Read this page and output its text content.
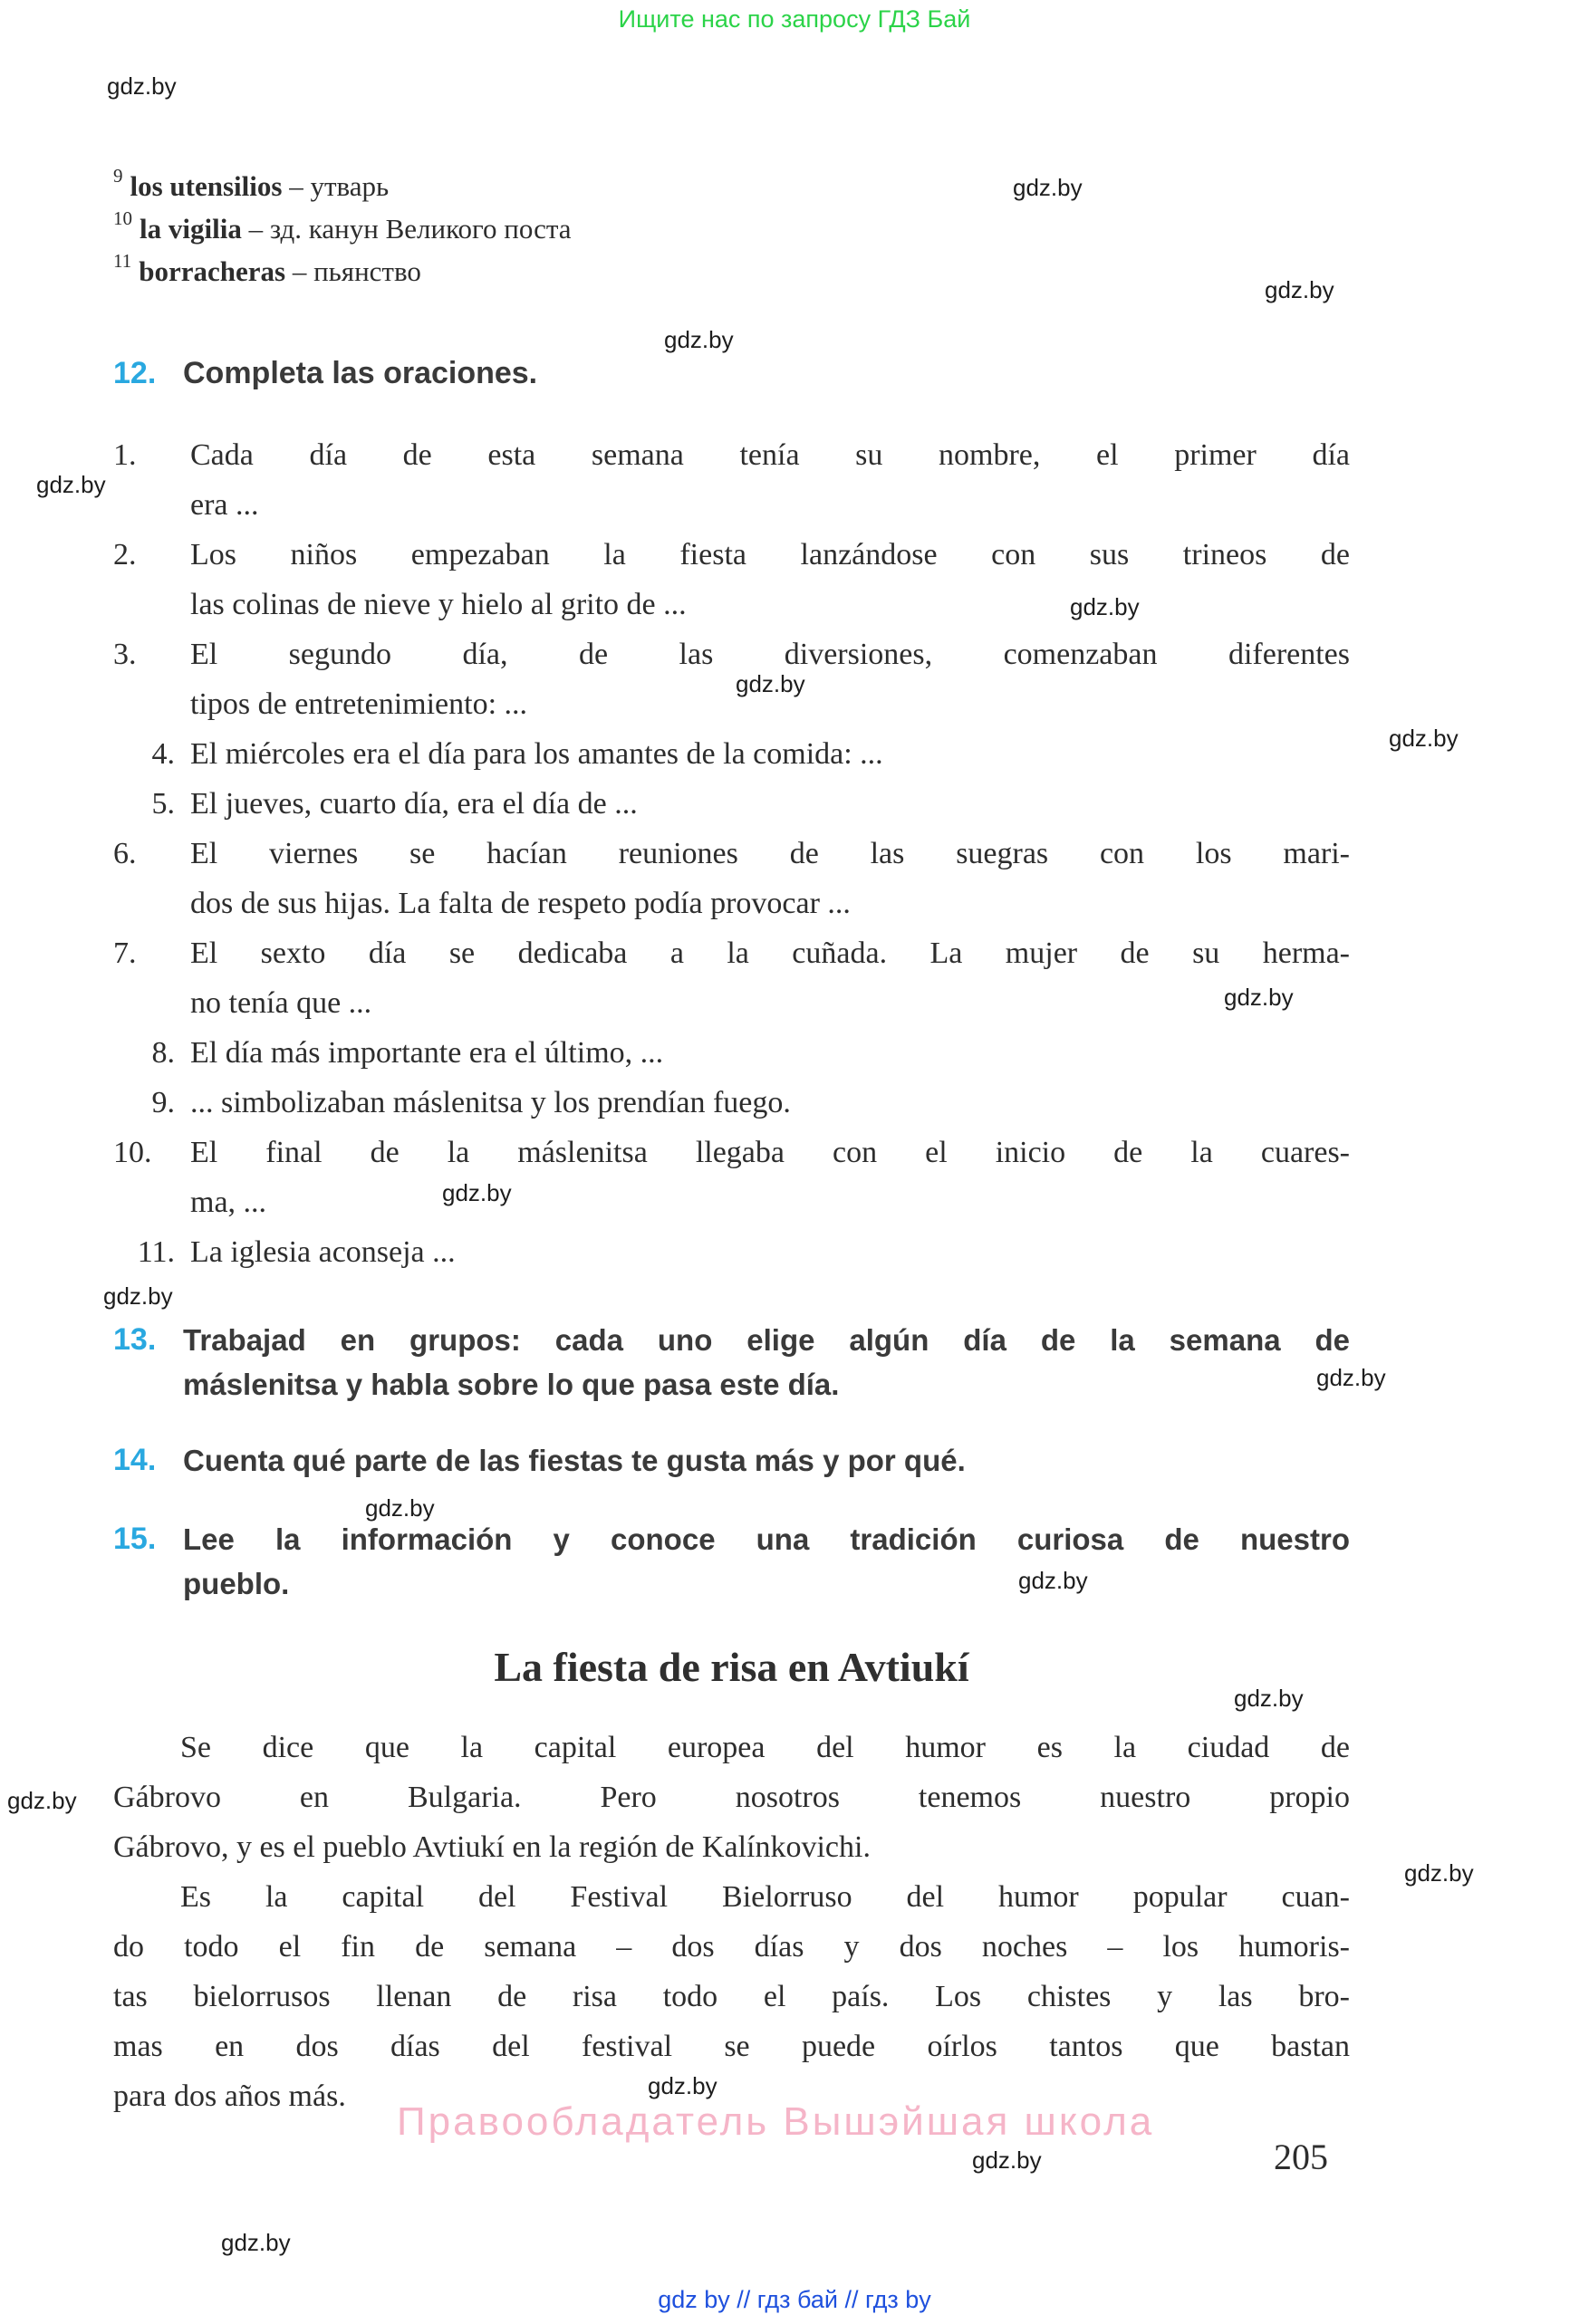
Ищите нас по запросу ГДЗ Бай
gdz.by
gdz.by
gdz.by
gdz.by
gdz.by
gdz.by
gdz.by
gdz.by
gdz.by
gdz.by
gdz.by
gdz.by
gdz.by
gdz.by
gdz.by
gdz.by
gdz.by
gdz.by
gdz.by
gdz.by
$^9$ los utensilios – утварь
$^{10}$ la vigilia – зд. канун Великого поста
$^{11}$ borracheras – пьянство
12. Completa las oraciones.
1.	Cada día de esta semana tenía su nombre, el primer día
era ...
2.	Los niños empezaban la fiesta lanzándose con sus trineos de
las colinas de nieve y hielo al grito de ...
3.	El segundo día, de las diversiones, comenzaban diferentes
tipos de entretenimiento: ...
4. El miércoles era el día para los amantes de la comida: ...
5. El jueves, cuarto día, era el día de ...
6.	El viernes se hacían reuniones de las suegras con los mari-
dos de sus hijas. La falta de respeto podía provocar ...
7.	El sexto día se dedicaba a la cuñada. La mujer de su herma-
no tenía que ...
8. El día más importante era el último, ...
9. ... simbolizaban máslenitsa y los prendían fuego.
10.	El final de la máslenitsa llegaba con el inicio de la cuares-
ma, ...
11. La iglesia aconseja ...
13. Trabajad en grupos: cada uno elige algún día de la semana de
máslenitsa y habla sobre lo que pasa este día.
14. Cuenta qué parte de las fiestas te gusta más y por qué.
15. Lee la información y conoce una tradición curiosa de nuestro
pueblo.
La fiesta de risa en Avtiukí
Se dice que la capital europea del humor es la ciudad de
Gábrovo en Bulgaria. Pero nosotros tenemos nuestro propio
Gábrovo, y es el pueblo Avtiukí en la región de Kalínkovichi.
Es la capital del Festival Bielorruso del humor popular cuan-
do todo el fin de semana – dos días y dos noches – los humoris-
tas bielorrusos llenan de risa todo el país. Los chistes y las bro-
mas en dos días del festival se puede oírlos tantos que bastan
para dos años más.
Правообладатель Вышэйшая школа
205
gdz by // гдз бай // гдз by
